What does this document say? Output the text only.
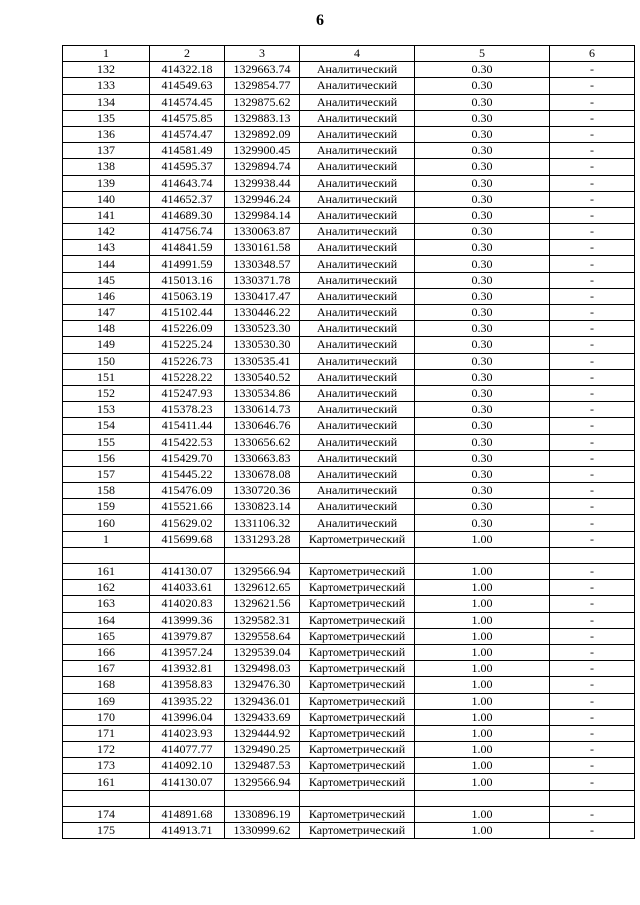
6
1	2	3	4	5	6
132	414322.18	1329663.74	Аналитический	0.30	-
133	414549.63	1329854.77	Аналитический	0.30	-
134	414574.45	1329875.62	Аналитический	0.30	-
135	414575.85	1329883.13	Аналитический	0.30	-
136	414574.47	1329892.09	Аналитический	0.30	-
137	414581.49	1329900.45	Аналитический	0.30	-
138	414595.37	1329894.74	Аналитический	0.30	-
139	414643.74	1329938.44	Аналитический	0.30	-
140	414652.37	1329946.24	Аналитический	0.30	-
141	414689.30	1329984.14	Аналитический	0.30	-
142	414756.74	1330063.87	Аналитический	0.30	-
143	414841.59	1330161.58	Аналитический	0.30	-
144	414991.59	1330348.57	Аналитический	0.30	-
145	415013.16	1330371.78	Аналитический	0.30	-
146	415063.19	1330417.47	Аналитический	0.30	-
147	415102.44	1330446.22	Аналитический	0.30	-
148	415226.09	1330523.30	Аналитический	0.30	-
149	415225.24	1330530.30	Аналитический	0.30	-
150	415226.73	1330535.41	Аналитический	0.30	-
151	415228.22	1330540.52	Аналитический	0.30	-
152	415247.93	1330534.86	Аналитический	0.30	-
153	415378.23	1330614.73	Аналитический	0.30	-
154	415411.44	1330646.76	Аналитический	0.30	-
155	415422.53	1330656.62	Аналитический	0.30	-
156	415429.70	1330663.83	Аналитический	0.30	-
157	415445.22	1330678.08	Аналитический	0.30	-
158	415476.09	1330720.36	Аналитический	0.30	-
159	415521.66	1330823.14	Аналитический	0.30	-
160	415629.02	1331106.32	Аналитический	0.30	-
1	415699.68	1331293.28	Картометрический	1.00	-

161	414130.07	1329566.94	Картометрический	1.00	-
162	414033.61	1329612.65	Картометрический	1.00	-
163	414020.83	1329621.56	Картометрический	1.00	-
164	413999.36	1329582.31	Картометрический	1.00	-
165	413979.87	1329558.64	Картометрический	1.00	-
166	413957.24	1329539.04	Картометрический	1.00	-
167	413932.81	1329498.03	Картометрический	1.00	-
168	413958.83	1329476.30	Картометрический	1.00	-
169	413935.22	1329436.01	Картометрический	1.00	-
170	413996.04	1329433.69	Картометрический	1.00	-
171	414023.93	1329444.92	Картометрический	1.00	-
172	414077.77	1329490.25	Картометрический	1.00	-
173	414092.10	1329487.53	Картометрический	1.00	-
161	414130.07	1329566.94	Картометрический	1.00	-

174	414891.68	1330896.19	Картометрический	1.00	-
175	414913.71	1330999.62	Картометрический	1.00	-
